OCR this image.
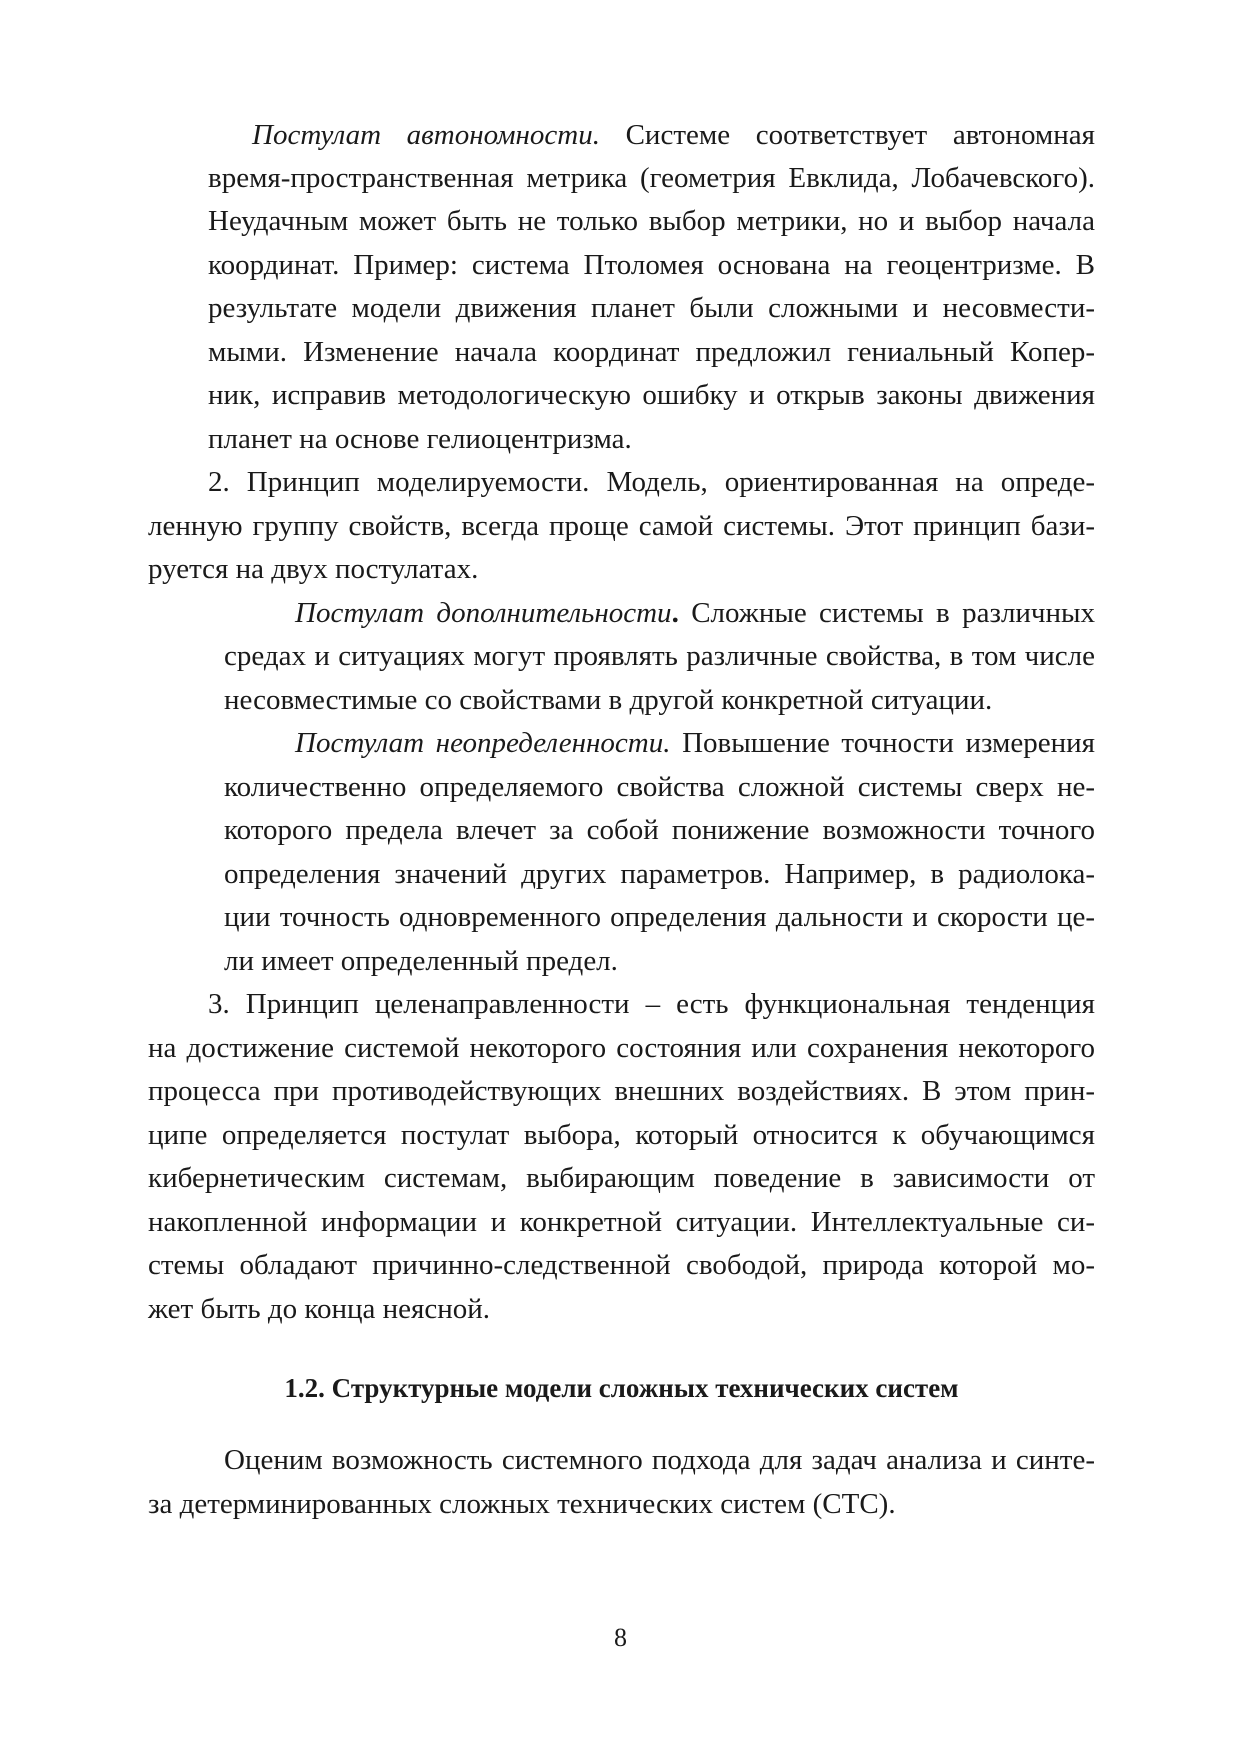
Постулат автономности. Системе соответствует автономная
время-пространственная метрика (геометрия Евклида, Лобачевского).
Неудачным может быть не только выбор метрики, но и выбор начала
координат. Пример: система Птоломея основана на геоцентризме. В
результате модели движения планет были сложными и несовмести-
мыми. Изменение начала координат предложил гениальный Копер-
ник, исправив методологическую ошибку и открыв законы движения
планет на основе гелиоцентризма.
2. Принцип моделируемости. Модель, ориентированная на опреде-
ленную группу свойств, всегда проще самой системы. Этот принцип бази-
руется на двух постулатах.
Постулат дополнительности. Сложные системы в различных
средах и ситуациях могут проявлять различные свойства, в том числе
несовместимые со свойствами в другой конкретной ситуации.
Постулат неопределенности. Повышение точности измерения
количественно определяемого свойства сложной системы сверх не-
которого предела влечет за собой понижение возможности точного
определения значений других параметров. Например, в радиолока-
ции точность одновременного определения дальности и скорости це-
ли имеет определенный предел.
3. Принцип целенаправленности – есть функциональная тенденция
на достижение системой некоторого состояния или сохранения некоторого
процесса при противодействующих внешних воздействиях. В этом прин-
ципе определяется постулат выбора, который относится к обучающимся
кибернетическим системам, выбирающим поведение в зависимости от
накопленной информации и конкретной ситуации. Интеллектуальные си-
стемы обладают причинно-следственной свободой, природа которой мо-
жет быть до конца неясной.
1.2. Структурные модели сложных технических систем
Оценим возможность системного подхода для задач анализа и синте-
за детерминированных сложных технических систем (СТС).
8
